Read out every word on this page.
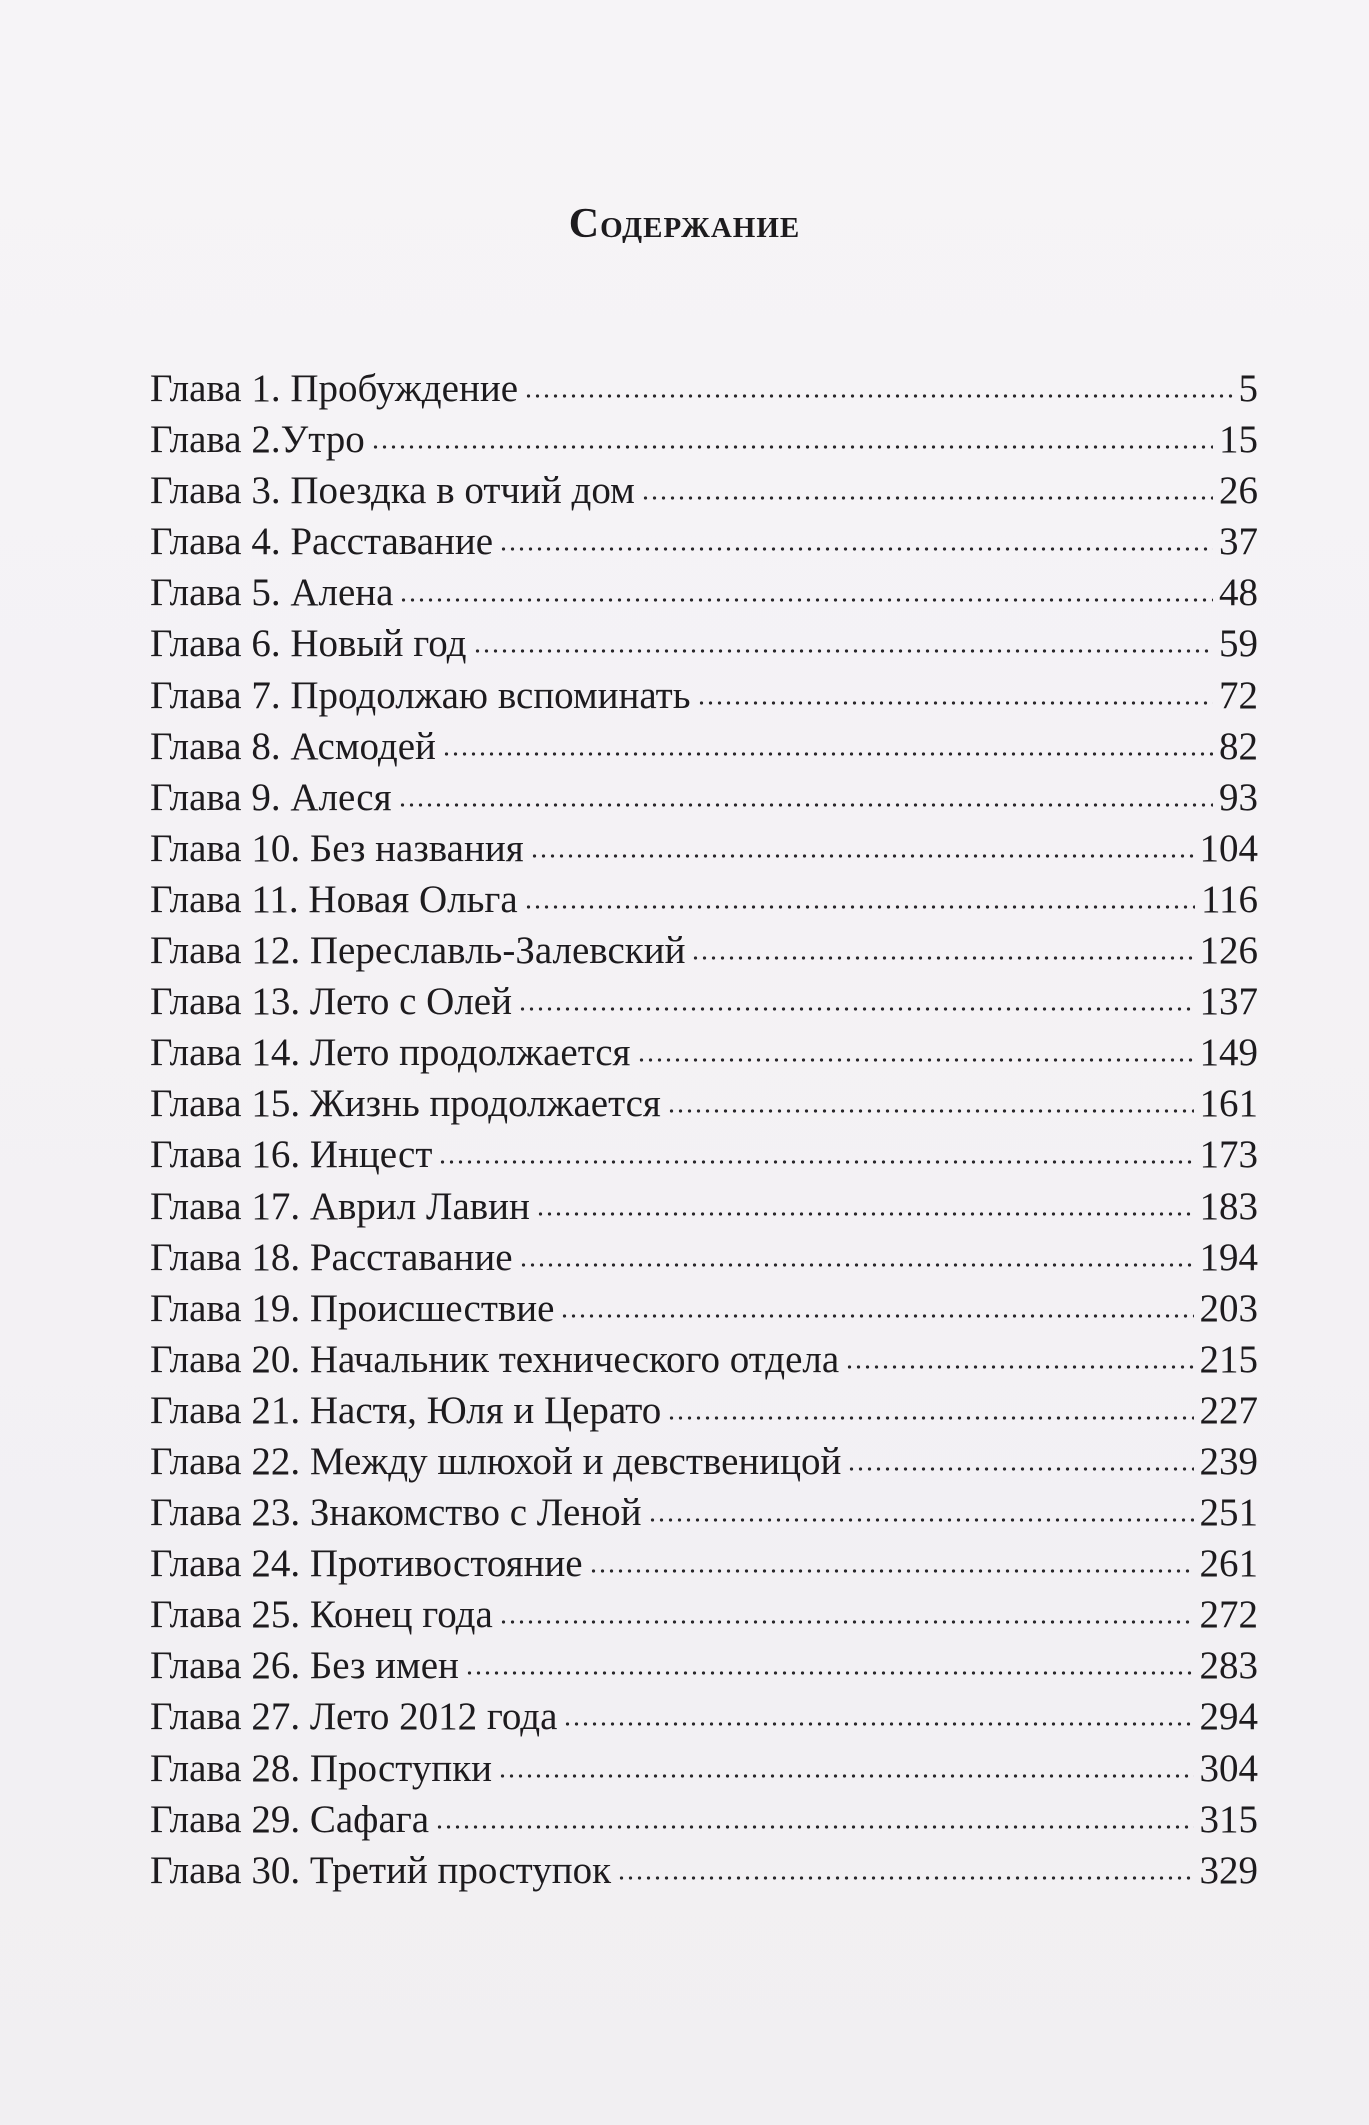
Содержание
Глава 1. Пробуждение	5
Глава 2.Утро	15
Глава 3. Поездка в отчий дом	26
Глава 4. Расставание	37
Глава 5. Алена	48
Глава 6. Новый год	59
Глава 7. Продолжаю вспоминать	72
Глава 8. Асмодей	82
Глава 9. Алеся	93
Глава 10. Без названия	104
Глава 11. Новая Ольга	116
Глава 12. Переславль-Залевский	126
Глава 13. Лето с Олей	137
Глава 14. Лето продолжается	149
Глава 15. Жизнь продолжается	161
Глава 16. Инцест	173
Глава 17. Аврил Лавин	183
Глава 18. Расставание	194
Глава 19. Происшествие	203
Глава 20. Начальник технического отдела	215
Глава 21. Настя, Юля и Церато	227
Глава 22. Между шлюхой и девственицой	239
Глава 23. Знакомство с Леной	251
Глава 24. Противостояние	261
Глава 25. Конец года	272
Глава 26. Без имен	283
Глава 27. Лето 2012 года	294
Глава 28. Проступки	304
Глава 29. Сафага	315
Глава 30. Третий проступок	329
